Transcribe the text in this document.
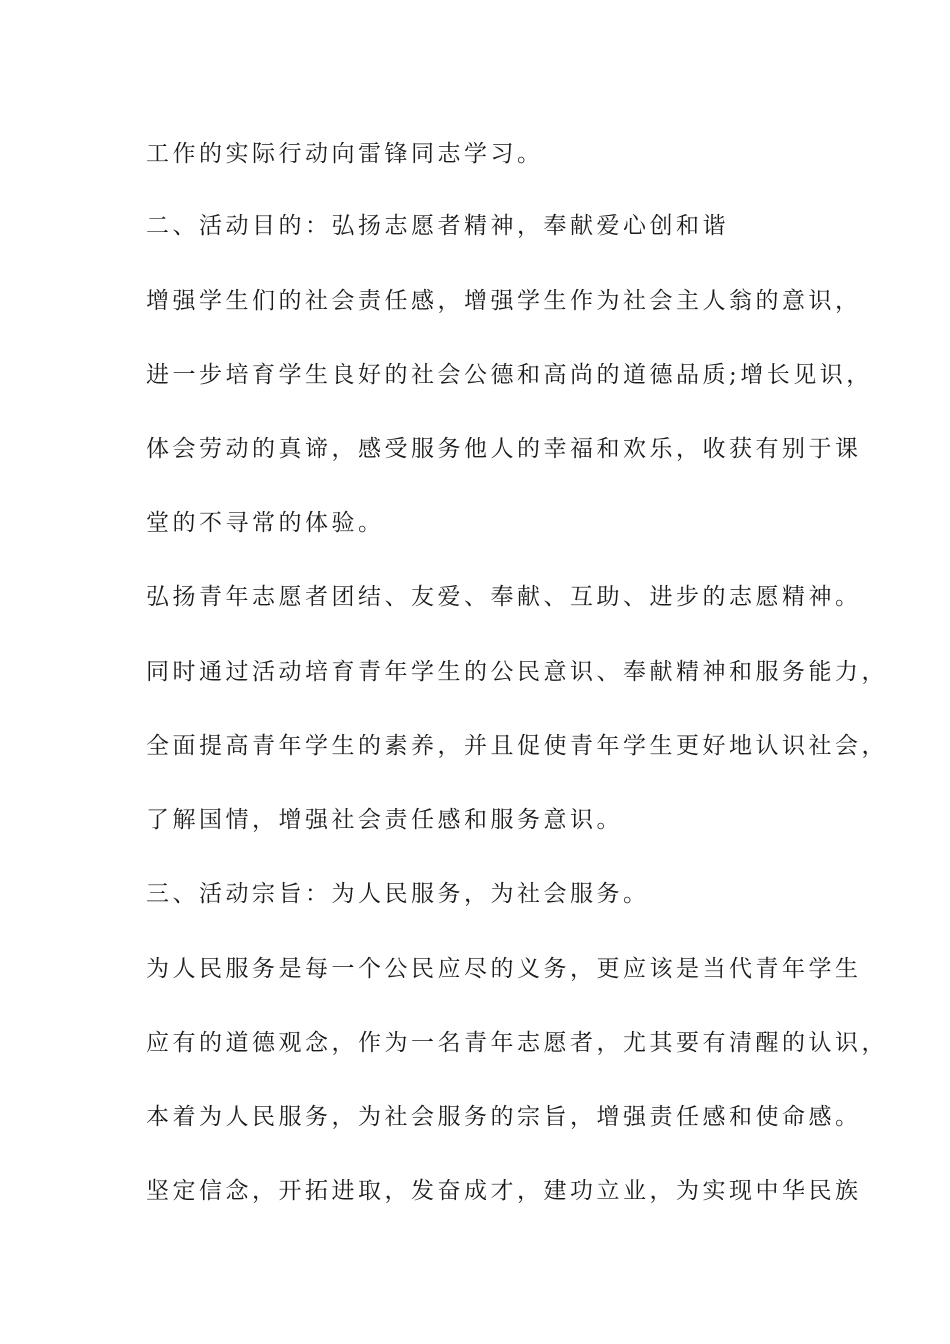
工作的实际行动向雷锋同志学习。
二、活动目的：弘扬志愿者精神，奉献爱心创和谐
增强学生们的社会责任感，增强学生作为社会主人翁的意识，
进一步培育学生良好的社会公德和高尚的道德品质;增长见识，
体会劳动的真谛，感受服务他人的幸福和欢乐，收获有别于课
堂的不寻常的体验。
弘扬青年志愿者团结、友爱、奉献、互助、进步的志愿精神。
同时通过活动培育青年学生的公民意识、奉献精神和服务能力，
全面提高青年学生的素养，并且促使青年学生更好地认识社会，
了解国情，增强社会责任感和服务意识。
三、活动宗旨：为人民服务，为社会服务。
为人民服务是每一个公民应尽的义务，更应该是当代青年学生
应有的道德观念，作为一名青年志愿者，尤其要有清醒的认识，
本着为人民服务，为社会服务的宗旨，增强责任感和使命感。
坚定信念，开拓进取，发奋成才，建功立业，为实现中华民族
